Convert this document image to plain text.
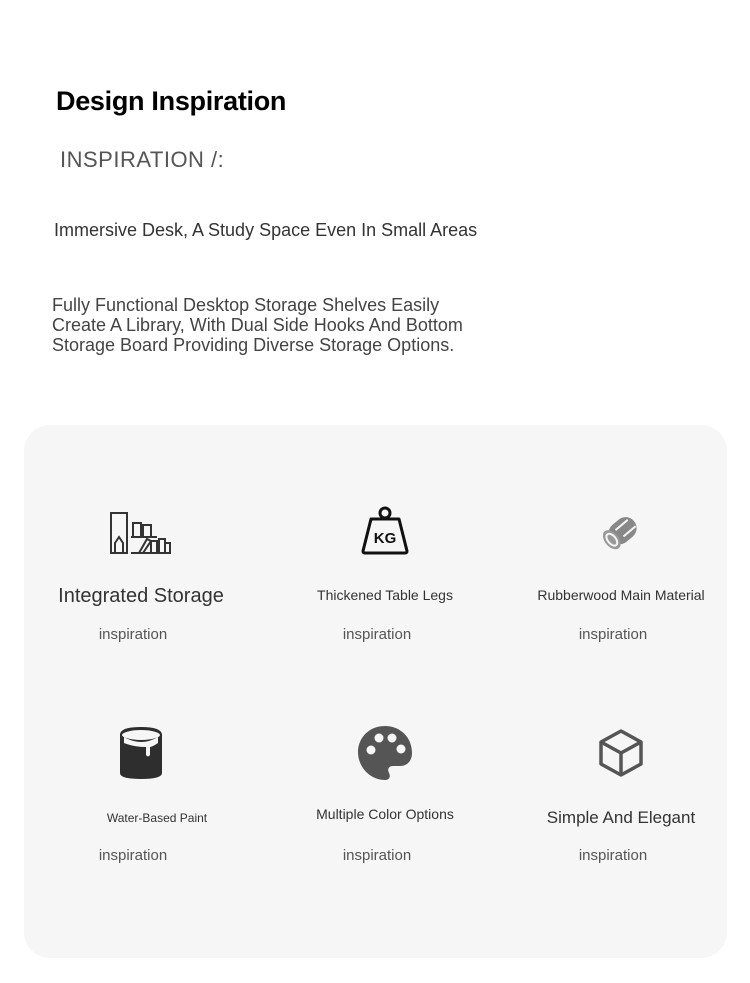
Design Inspiration
INSPIRATION /:
Immersive Desk, A Study Space Even In Small Areas

Fully Functional Desktop Storage Shelves Easily Create A Library, With Dual Side Hooks And Bottom Storage Board Providing Diverse Storage Options.

Integrated Storage
inspiration
KG
Thickened Table Legs
inspiration
Rubberwood Main Material
inspiration
Water-Based Paint
inspiration
Multiple Color Options
inspiration
Simple And Elegant
inspiration
